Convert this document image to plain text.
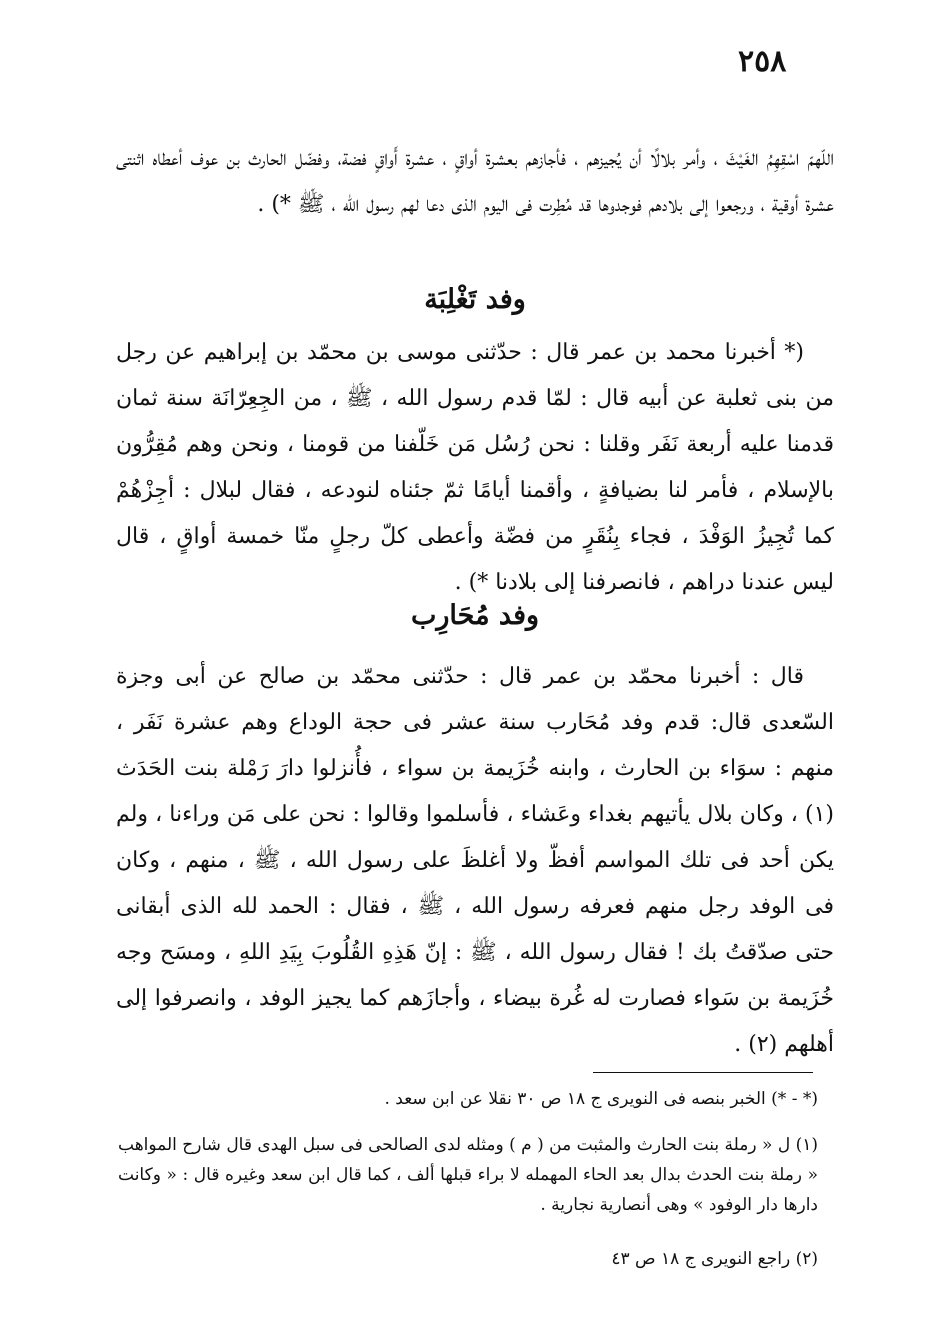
٢٥٨

اللّهمّ اسْقِهِمُ الغَيْثَ ، وأمر بلالًا أن يُجيزهم ، فأجازهم بعشرة أواقٍ ، عشرة أَواقٍ فضة، وفضّل الحارث بن عوف أعطاه اثنتى عشرة أوقية ، ورجعوا إلى بلادهم فوجدوها قد مُطِرت فى اليوم الذى دعا لهم رسول الله ، ﷺ *) .

وفد تَغْلِبَة

(* أخبرنا محمد بن عمر قال : حدّثنى موسى بن محمّد بن إبراهيم عن رجل من بنى ثعلبة عن أبيه قال : لمّا قدم رسول الله ، ﷺ ، من الجِعِرّانَة سنة ثمان قدمنا عليه أربعة نَفَر وقلنا : نحن رُسُل مَن خَلّفنا من قومنا ، ونحن وهم مُقِرُّون بالإسلام ، فأمر لنا بضيافةٍ ، وأقمنا أيامًا ثمّ جئناه لنودعه ، فقال لبلال : أجِزْهُمْ كما تُجِيزُ الوَفْدَ ، فجاء بِنُقَرٍ من فضّة وأعطى كلّ رجلٍ منّا خمسة أواقٍ ، قال ليس عندنا دراهم ، فانصرفنا إلى بلادنا *) .

وفد مُحَارِب

قال : أخبرنا محمّد بن عمر قال : حدّثنى محمّد بن صالح عن أبى وجزة السّعدى قال: قدم وفد مُحَارب سنة عشر فى حجة الوداع وهم عشرة نَفَر ، منهم : سوَاء بن الحارث ، وابنه خُزَيمة بن سواء ، فأُنزلوا دارَ رَمْلة بنت الحَدَث (١) ، وكان بلال يأتيهم بغداء وعَشاء ، فأسلموا وقالوا : نحن على مَن وراءنا ، ولم يكن أحد فى تلك المواسم أفظّ ولا أغلظَ على رسول الله ، ﷺ ، منهم ، وكان فى الوفد رجل منهم فعرفه رسول الله ، ﷺ ، فقال : الحمد لله الذى أبقانى حتى صدّقتُ بك ! فقال رسول الله ، ﷺ : إنّ هَذِهِ القُلُوبَ بِيَدِ اللهِ ، ومسَح وجه خُزَيمة بن سَواء فصارت له غُرة بيضاء ، وأجازَهم كما يجيز الوفد ، وانصرفوا إلى أهلهم (٢) .

(* - *) الخبر بنصه فى النويرى ج ١٨ ص ٣٠ نقلا عن ابن سعد .

(١) ل « رملة بنت الحارث والمثبت من ( م ) ومثله لدى الصالحى فى سبل الهدى قال شارح المواهب « رملة بنت الحدث بدال بعد الحاء المهمله لا براء قبلها ألف ، كما قال ابن سعد وغيره قال : « وكانت دارها دار الوفود » وهى أنصارية نجارية .

(٢) راجع النويرى ج ١٨ ص ٤٣
